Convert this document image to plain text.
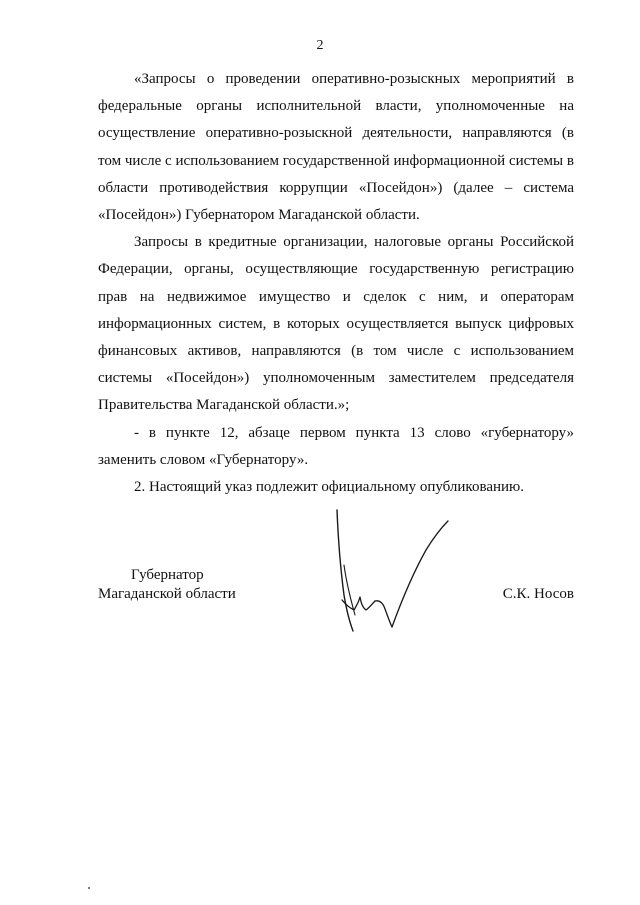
2

«Запросы о проведении оперативно-розыскных мероприятий в федеральные органы исполнительной власти, уполномоченные на осуществление оперативно-розыскной деятельности, направляются (в том числе с использованием государственной информационной системы в области противодействия коррупции «Посейдон») (далее – система «Посейдон») Губернатором Магаданской области.

Запросы в кредитные организации, налоговые органы Российской Федерации, органы, осуществляющие государственную регистрацию прав на недвижимое имущество и сделок с ним, и операторам информационных систем, в которых осуществляется выпуск цифровых финансовых активов, направляются (в том числе с использованием системы «Посейдон») уполномоченным заместителем председателя Правительства Магаданской области.»;

- в пункте 12, абзаце первом пункта 13 слово «губернатору» заменить словом «Губернатору».

2. Настоящий указ подлежит официальному опубликованию.

Губернатор
Магаданской области	С.К. Носов
